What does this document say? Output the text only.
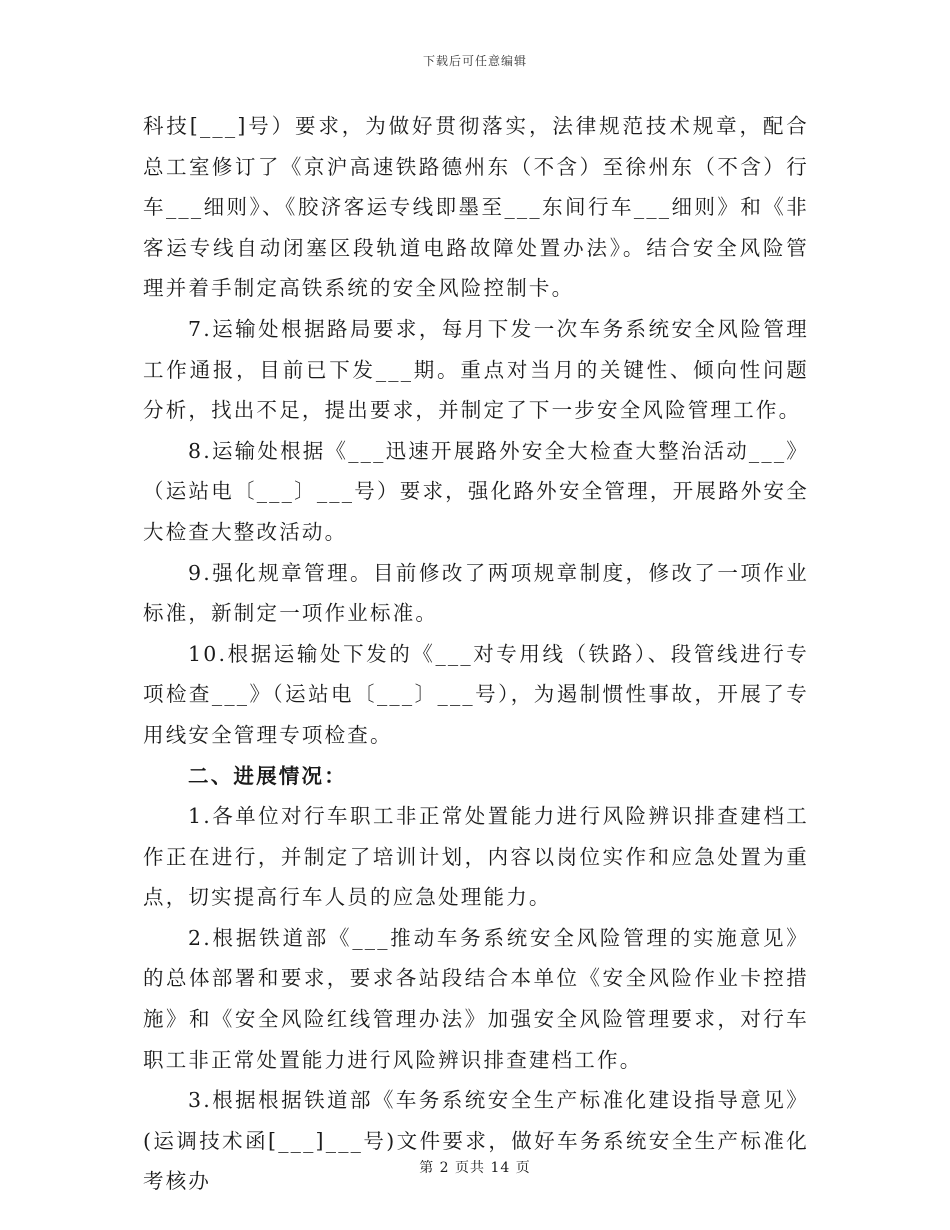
下载后可任意编辑

科技[___]号）要求，为做好贯彻落实，法律规范技术规章，配合总工室修订了《京沪高速铁路德州东（不含）至徐州东（不含）行车___细则》、《胶济客运专线即墨至___东间行车___细则》和《非客运专线自动闭塞区段轨道电路故障处置办法》。结合安全风险管理并着手制定高铁系统的安全风险控制卡。

7.运输处根据路局要求，每月下发一次车务系统安全风险管理工作通报，目前已下发___期。重点对当月的关键性、倾向性问题分析，找出不足，提出要求，并制定了下一步安全风险管理工作。

8.运输处根据《___迅速开展路外安全大检查大整治活动___》（运站电〔___〕___号）要求，强化路外安全管理，开展路外安全大检查大整改活动。

9.强化规章管理。目前修改了两项规章制度，修改了一项作业标准，新制定一项作业标准。

10.根据运输处下发的《___对专用线（铁路）、段管线进行专项检查___》（运站电〔___〕___号），为遏制惯性事故，开展了专用线安全管理专项检查。

二、进展情况：

1.各单位对行车职工非正常处置能力进行风险辨识排查建档工作正在进行，并制定了培训计划，内容以岗位实作和应急处置为重点，切实提高行车人员的应急处理能力。

2.根据铁道部《___推动车务系统安全风险管理的实施意见》的总体部署和要求，要求各站段结合本单位《安全风险作业卡控措施》和《安全风险红线管理办法》加强安全风险管理要求，对行车职工非正常处置能力进行风险辨识排查建档工作。

3.根据根据铁道部《车务系统安全生产标准化建设指导意见》(运调技术函[___]___号)文件要求，做好车务系统安全生产标准化考核办

第 2 页共 14 页
